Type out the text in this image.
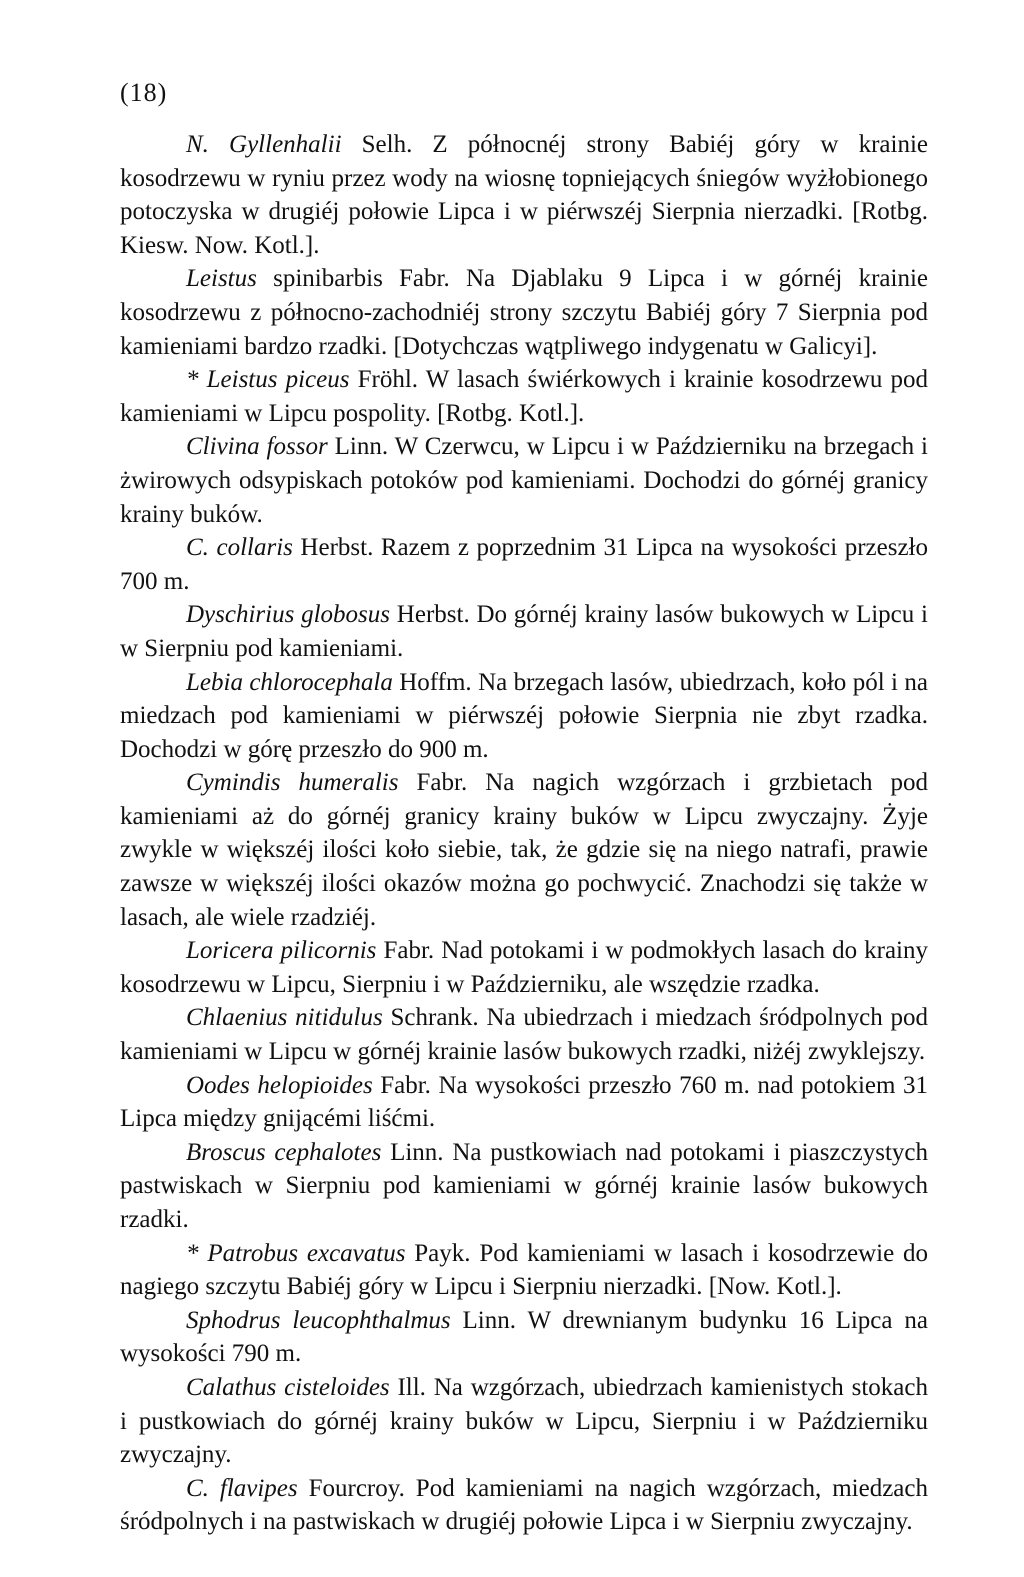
(18)

N. Gyllenhalii Selh. Z północnéj strony Babiéj góry w krainie kosodrzewu w ryniu przez wody na wiosnę topniejących śniegów wyżłobionego potoczyska w drugiéj połowie Lipca i w piérwszéj Sierpnia nierzadki. [Rotbg. Kiesw. Now. Kotl.].

Leistus spinibarbis Fabr. Na Djablaku 9 Lipca i w górnéj krainie kosodrzewu z północno-zachodniéj strony szczytu Babiéj góry 7 Sierpnia pod kamieniami bardzo rzadki. [Dotychczas wątpliwego indygenatu w Galicyi].

* Leistus piceus Fröhl. W lasach świérkowych i krainie kosodrzewu pod kamieniami w Lipcu pospolity. [Rotbg. Kotl.].

Clivina fossor Linn. W Czerwcu, w Lipcu i w Październiku na brzegach i żwirowych odsypiskach potoków pod kamieniami. Dochodzi do górnéj granicy krainy buków.

C. collaris Herbst. Razem z poprzednim 31 Lipca na wysokości przeszło 700 m.

Dyschirius globosus Herbst. Do górnéj krainy lasów bukowych w Lipcu i w Sierpniu pod kamieniami.

Lebia chlorocephala Hoffm. Na brzegach lasów, ubiedrzach, koło pól i na miedzach pod kamieniami w piérwszéj połowie Sierpnia nie zbyt rzadka. Dochodzi w górę przeszło do 900 m.

Cymindis humeralis Fabr. Na nagich wzgórzach i grzbietach pod kamieniami aż do górnéj granicy krainy buków w Lipcu zwyczajny. Żyje zwykle w większéj ilości koło siebie, tak, że gdzie się na niego natrafi, prawie zawsze w większéj ilości okazów można go pochwycić. Znachodzi się także w lasach, ale wiele rzadziéj.

Loricera pilicornis Fabr. Nad potokami i w podmokłych lasach do krainy kosodrzewu w Lipcu, Sierpniu i w Październiku, ale wszędzie rzadka.

Chlaenius nitidulus Schrank. Na ubiedrzach i miedzach śródpolnych pod kamieniami w Lipcu w górnéj krainie lasów bukowych rzadki, niżéj zwyklejszy.

Oodes helopioides Fabr. Na wysokości przeszło 760 m. nad potokiem 31 Lipca między gnijącémi liśćmi.

Broscus cephalotes Linn. Na pustkowiach nad potokami i piaszczystych pastwiskach w Sierpniu pod kamieniami w górnéj krainie lasów bukowych rzadki.

* Patrobus excavatus Payk. Pod kamieniami w lasach i kosodrzewie do nagiego szczytu Babiéj góry w Lipcu i Sierpniu nierzadki. [Now. Kotl.].

Sphodrus leucophthalmus Linn. W drewnianym budynku 16 Lipca na wysokości 790 m.

Calathus cisteloides Ill. Na wzgórzach, ubiedrzach kamienistych stokach i pustkowiach do górnéj krainy buków w Lipcu, Sierpniu i w Październiku zwyczajny.

C. flavipes Fourcroy. Pod kamieniami na nagich wzgórzach, miedzach śródpolnych i na pastwiskach w drugiéj połowie Lipca i w Sierpniu zwyczajny.
